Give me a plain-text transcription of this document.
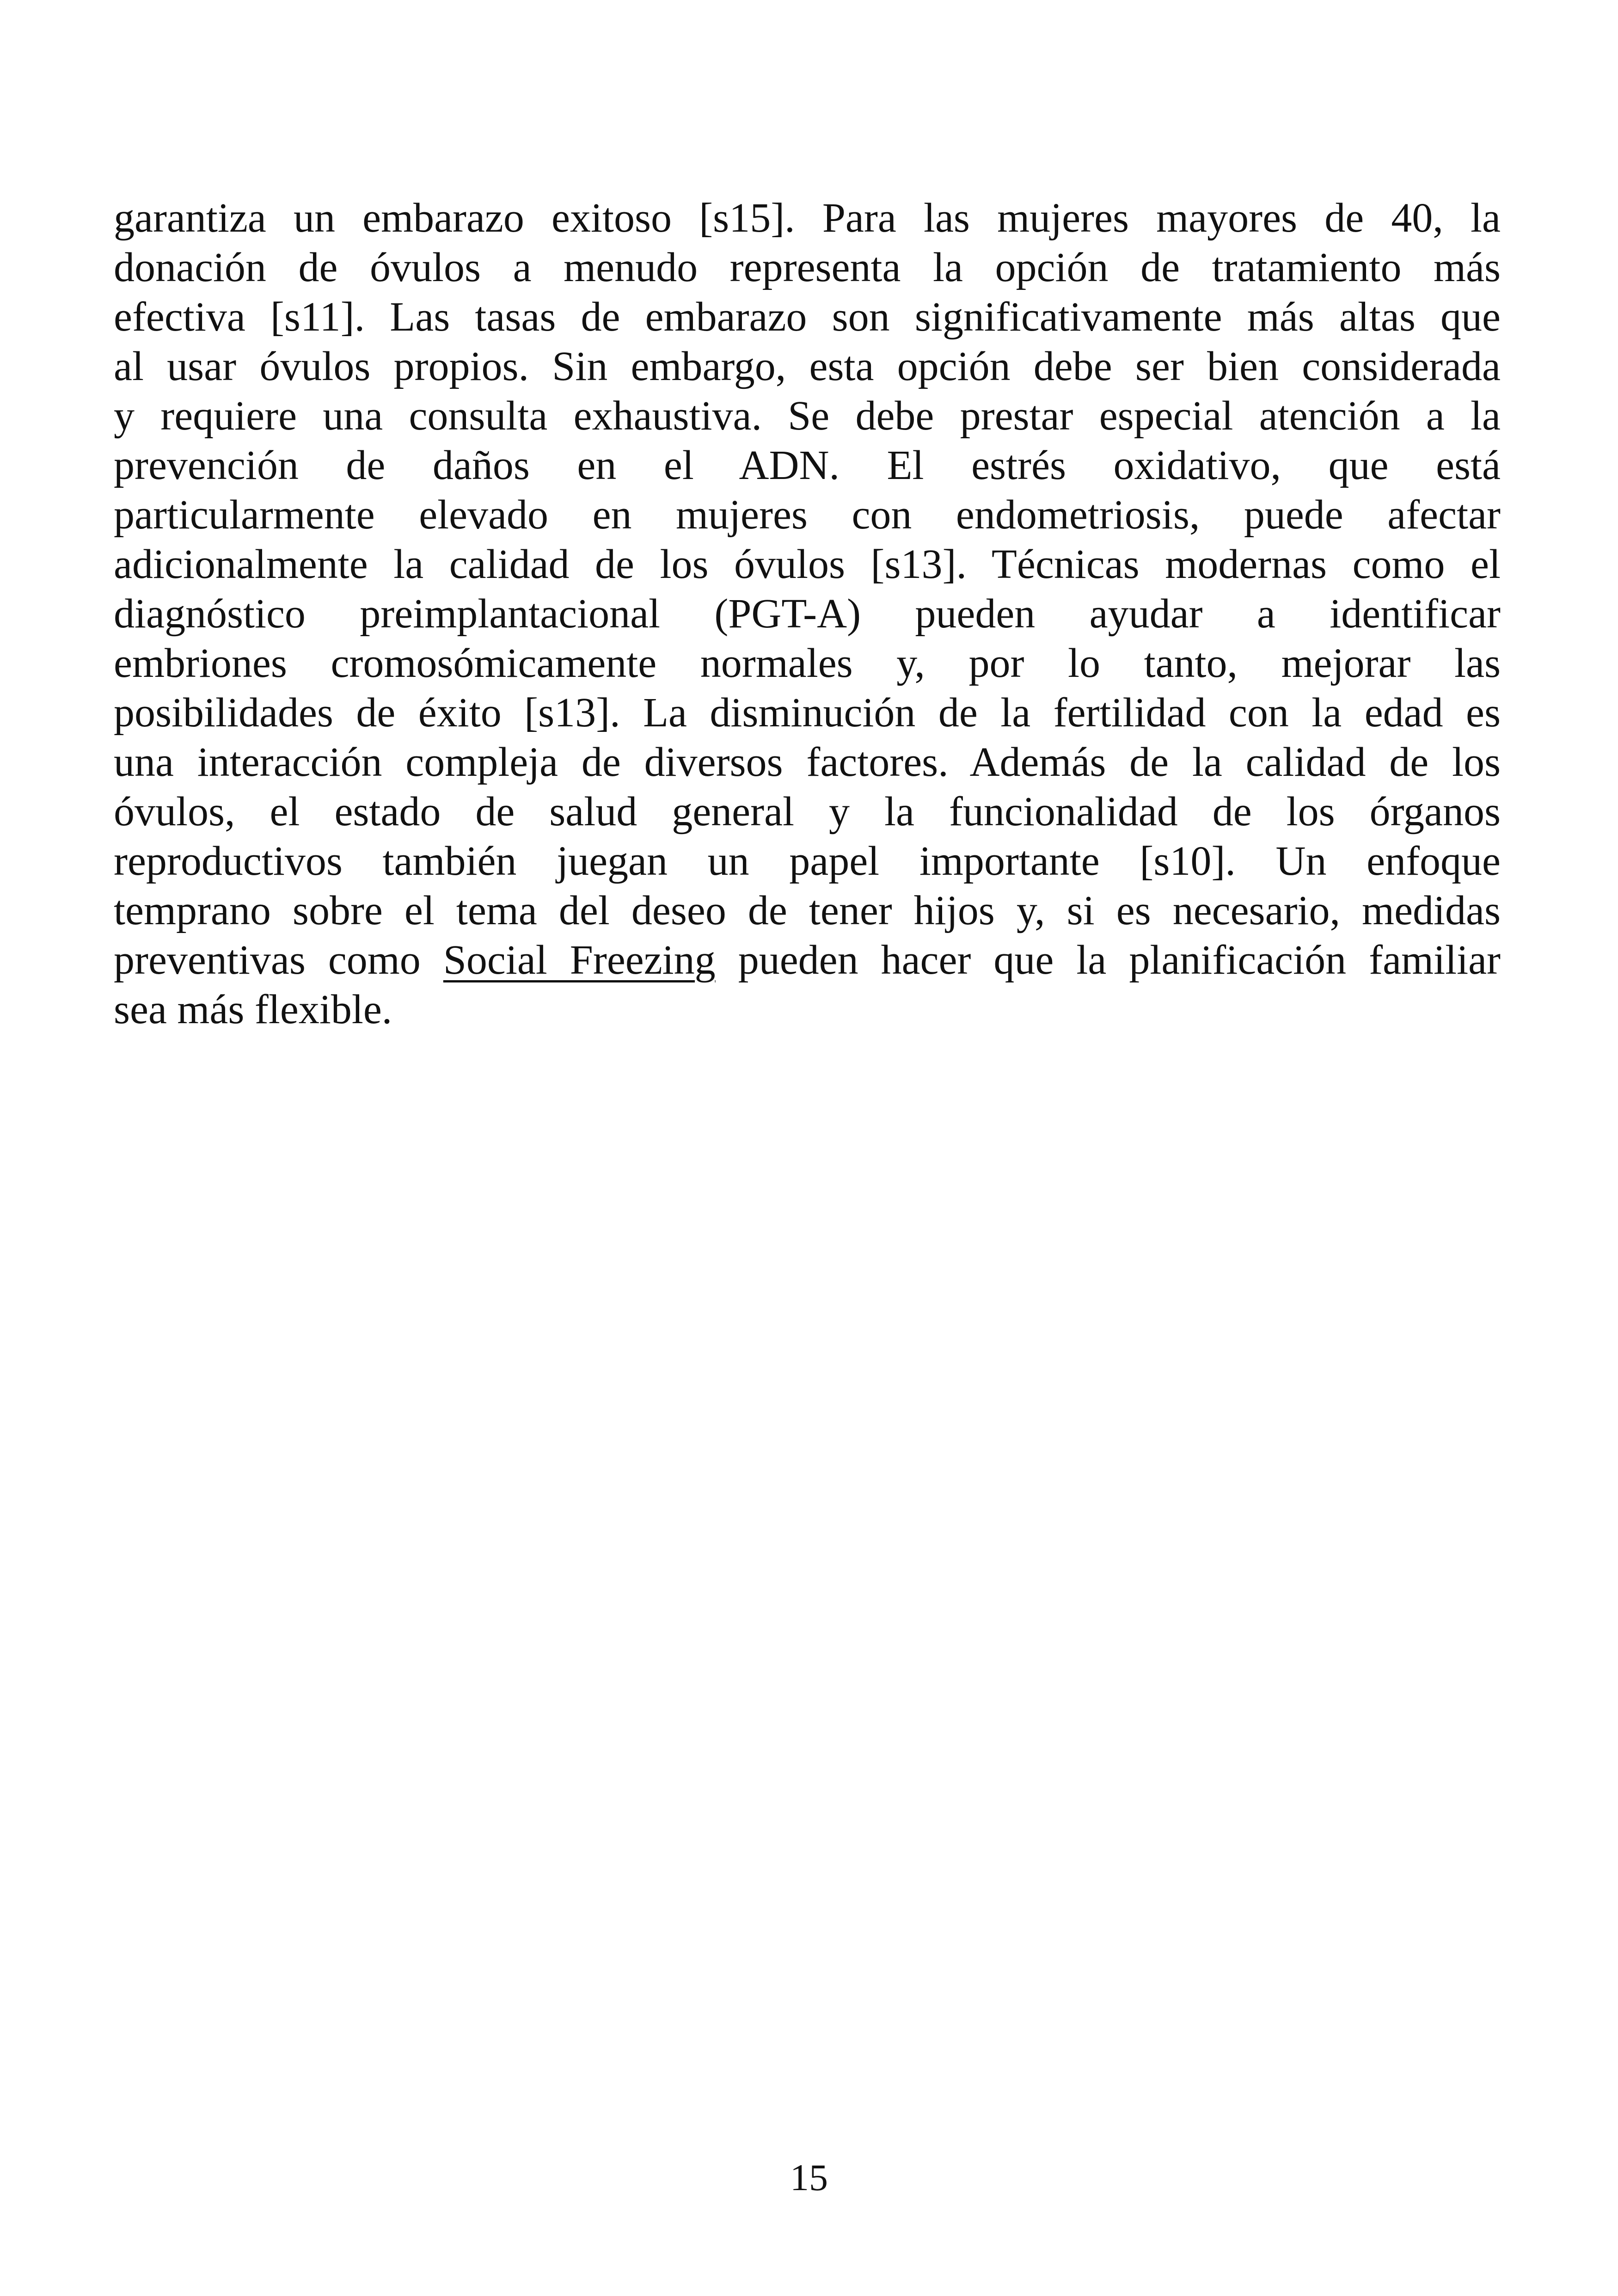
garantiza un embarazo exitoso [s15]. Para las mujeres mayores de 40, la
donación de óvulos a menudo representa la opción de tratamiento más
efectiva [s11]. Las tasas de embarazo son significativamente más altas que
al usar óvulos propios. Sin embargo, esta opción debe ser bien considerada
y requiere una consulta exhaustiva. Se debe prestar especial atención a la
prevención de daños en el ADN. El estrés oxidativo, que está
particularmente elevado en mujeres con endometriosis, puede afectar
adicionalmente la calidad de los óvulos [s13]. Técnicas modernas como el
diagnóstico preimplantacional (PGT-A) pueden ayudar a identificar
embriones cromosómicamente normales y, por lo tanto, mejorar las
posibilidades de éxito [s13]. La disminución de la fertilidad con la edad es
una interacción compleja de diversos factores. Además de la calidad de los
óvulos, el estado de salud general y la funcionalidad de los órganos
reproductivos también juegan un papel importante [s10]. Un enfoque
temprano sobre el tema del deseo de tener hijos y, si es necesario, medidas
preventivas como Social Freezing pueden hacer que la planificación familiar
sea más flexible.
15
